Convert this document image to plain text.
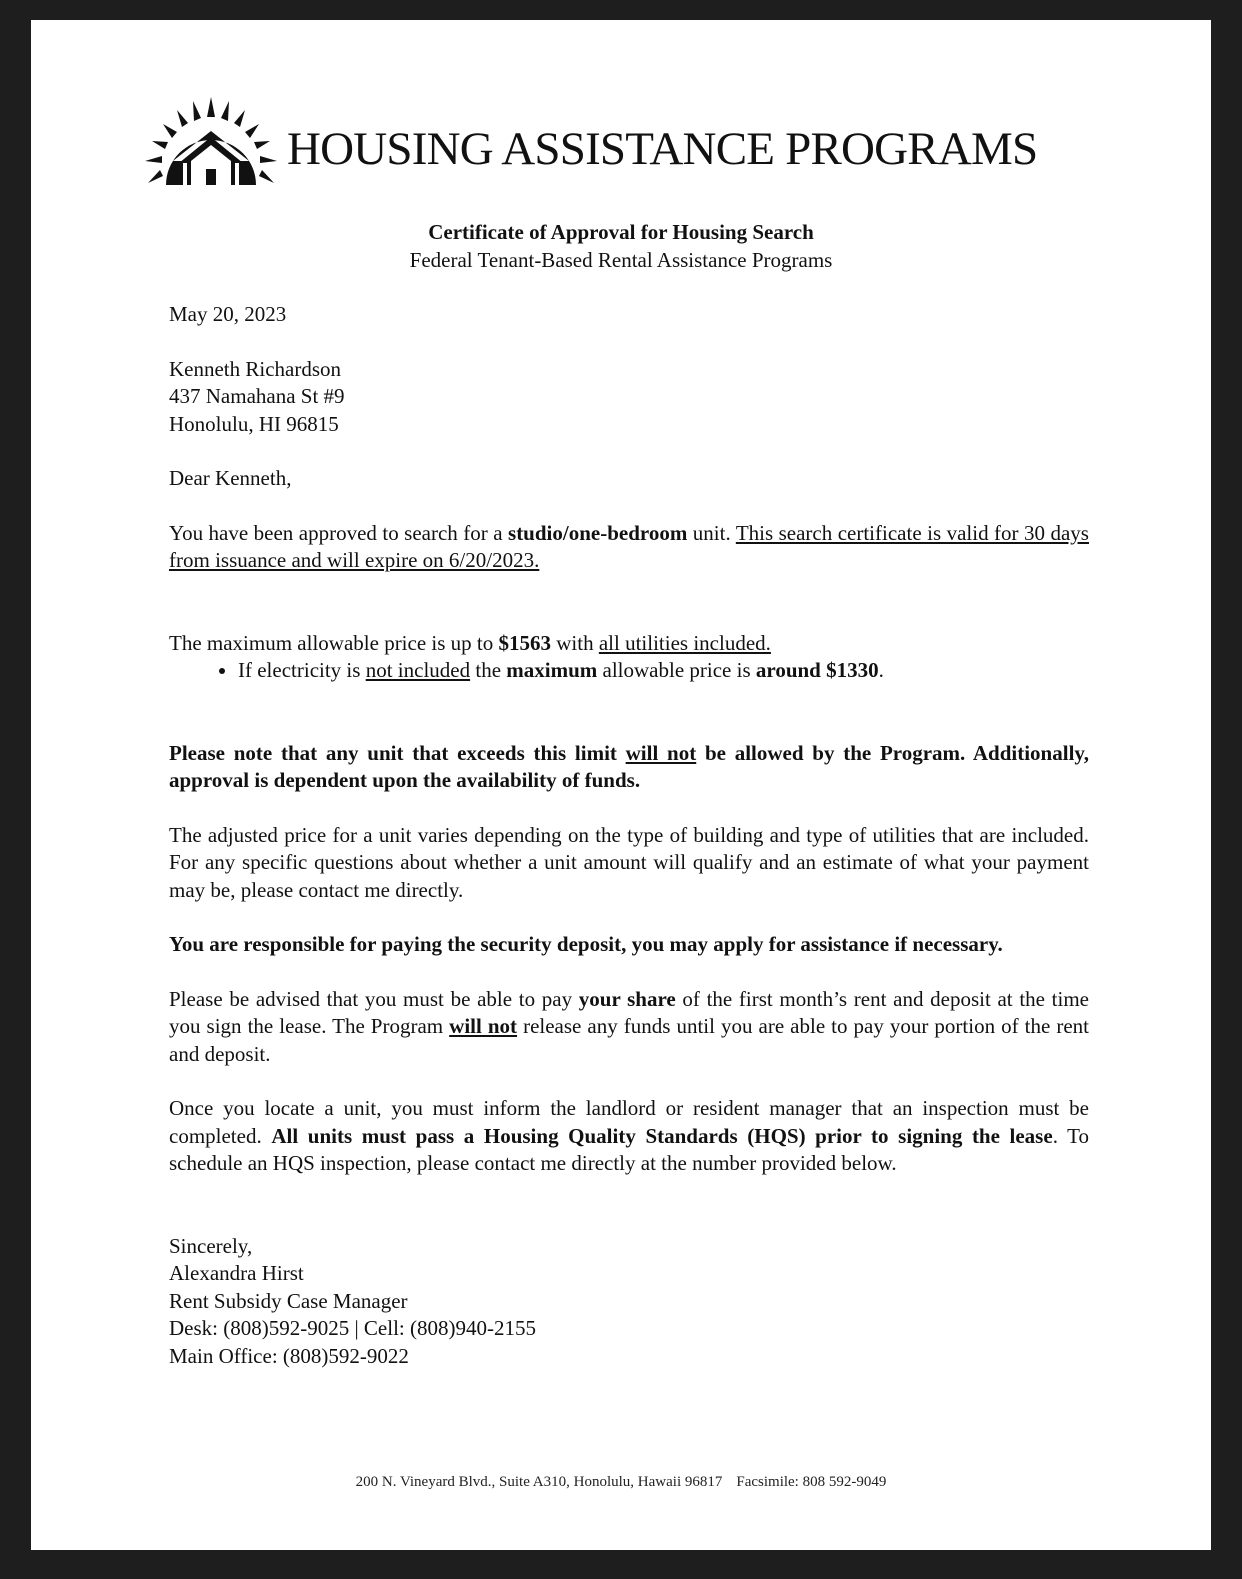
HOUSING ASSISTANCE PROGRAMS
Certificate of Approval for Housing Search
Federal Tenant-Based Rental Assistance Programs

May 20, 2023

Kenneth Richardson
437 Namahana St #9
Honolulu, HI 96815

Dear Kenneth,

You have been approved to search for a studio/one-bedroom unit. This search certificate is valid for 30 days from issuance and will expire on 6/20/2023.

The maximum allowable price is up to $1563 with all utilities included.

• If electricity is not included the maximum allowable price is around $1330.

Please note that any unit that exceeds this limit will not be allowed by the Program. Additionally, approval is dependent upon the availability of funds.

The adjusted price for a unit varies depending on the type of building and type of utilities that are included. For any specific questions about whether a unit amount will qualify and an estimate of what your payment may be, please contact me directly.

You are responsible for paying the security deposit, you may apply for assistance if necessary.

Please be advised that you must be able to pay your share of the first month’s rent and deposit at the time you sign the lease. The Program will not release any funds until you are able to pay your portion of the rent and deposit.

Once you locate a unit, you must inform the landlord or resident manager that an inspection must be completed. All units must pass a Housing Quality Standards (HQS) prior to signing the lease. To schedule an HQS inspection, please contact me directly at the number provided below.

Sincerely,
Alexandra Hirst
Rent Subsidy Case Manager
Desk: (808)592-9025 | Cell: (808)940-2155
Main Office: (808)592-9022
200 N. Vineyard Blvd., Suite A310, Honolulu, Hawaii 96817 Facsimile: 808 592-9049
